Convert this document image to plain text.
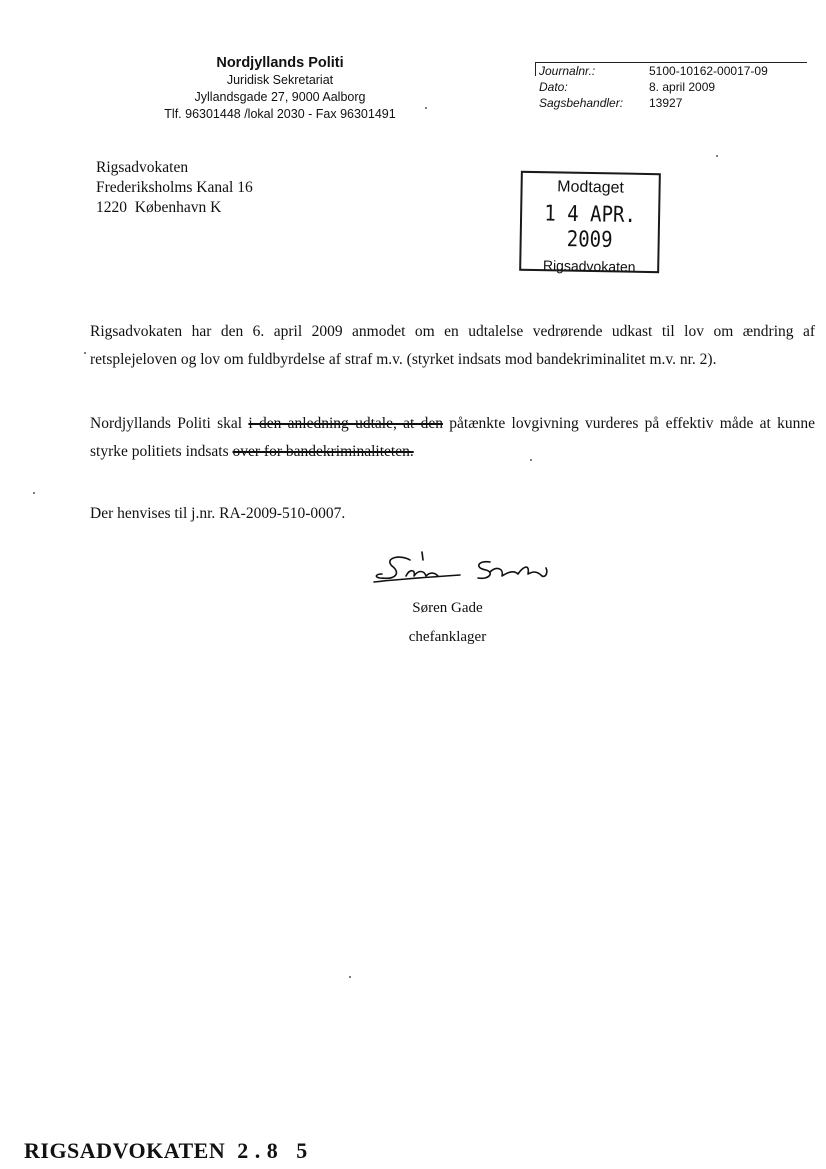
Nordjyllands Politi
Juridisk Sekretariat
Jyllandsgade 27, 9000 Aalborg
Tlf. 96301448 /lokal 2030 - Fax 96301491
Journalnr.:	5100-10162-00017-09
Dato:	8. april 2009
Sagsbehandler:	13927
Rigsadvokaten
Frederiksholms Kanal 16
1220  København K
Modtaget
1 4 APR. 2009
Rigsadvokaten
Rigsadvokaten har den 6. april 2009 anmodet om en udtalelse vedrørende udkast til lov om ændring af retsplejeloven og lov om fuldbyrdelse af straf m.v. (styrket indsats mod bandekriminalitet m.v. nr. 2).
Nordjyllands Politi skal i den anledning udtale, at den påtænkte lovgivning vurderes på effektiv måde at kunne styrke politiets indsats over for bandekriminaliteten.
Der henvises til j.nr. RA-2009-510-0007.
Søren Gade
chefanklager
RIGSADVOKATEN  2 . 8   5
